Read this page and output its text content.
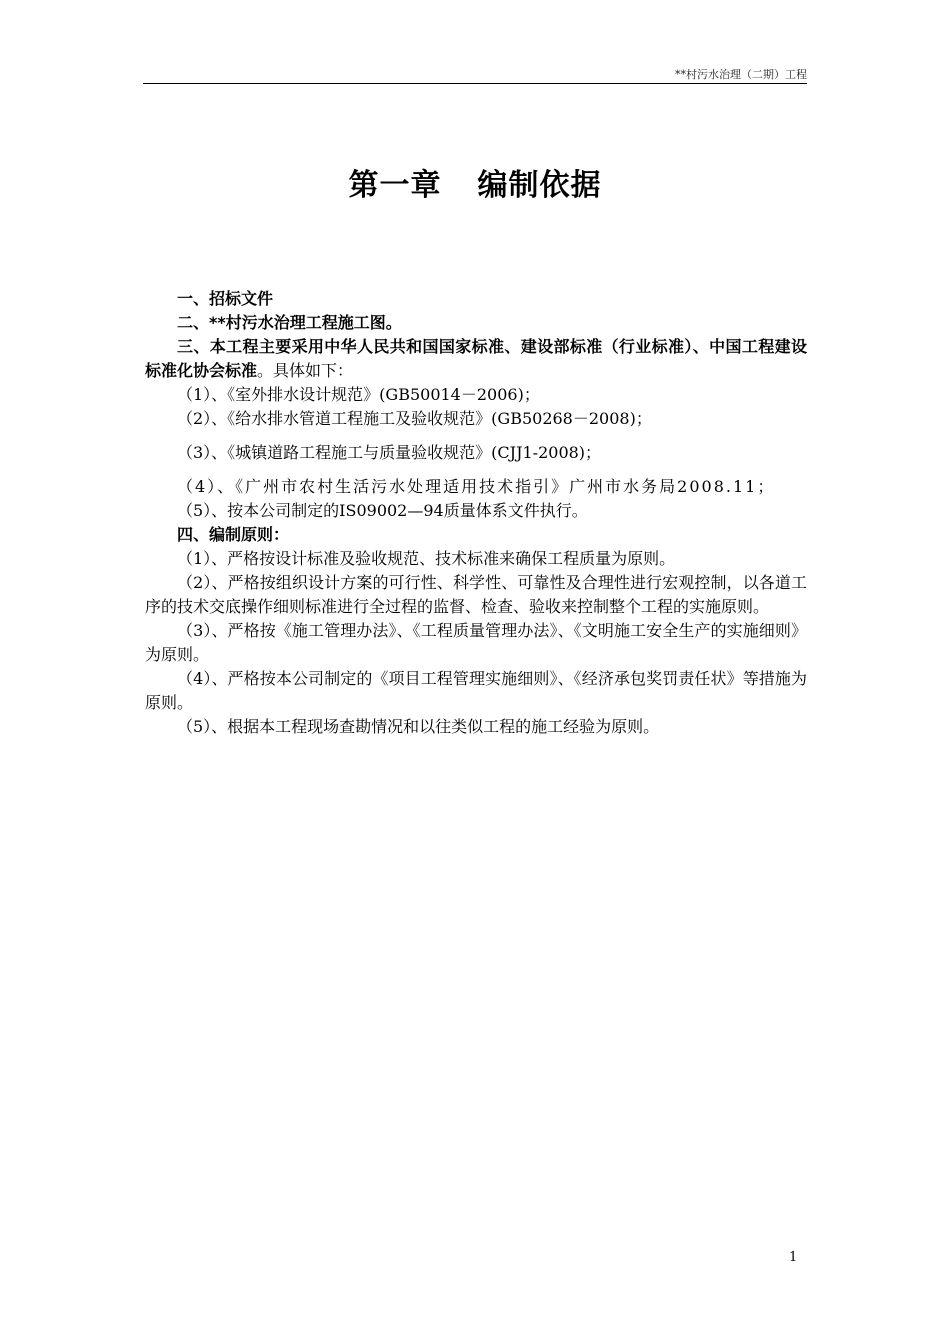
**村污水治理（二期）工程
第一章 编制依据

一、招标文件

二、**村污水治理工程施工图。

三、本工程主要采用中华人民共和国国家标准、建设部标准（行业标准）、中国工程建设标准化协会标准。具体如下：

（1）、《室外排水设计规范》(GB50014－2006)；

（2）、《给水排水管道工程施工及验收规范》(GB50268－2008)；

（3）、《城镇道路工程施工与质量验收规范》(CJJ1-2008)；

（4）、《广州市农村生活污水处理适用技术指引》广州市水务局2008.11；

（5）、按本公司制定的IS09002—94质量体系文件执行。

四、编制原则：

（1）、严格按设计标准及验收规范、技术标准来确保工程质量为原则。

（2）、严格按组织设计方案的可行性、科学性、可靠性及合理性进行宏观控制，以各道工序的技术交底操作细则标准进行全过程的监督、检查、验收来控制整个工程的实施原则。

（3）、严格按《施工管理办法》、《工程质量管理办法》、《文明施工安全生产的实施细则》为原则。

（4）、严格按本公司制定的《项目工程管理实施细则》、《经济承包奖罚责任状》等措施为原则。

（5）、根据本工程现场查勘情况和以往类似工程的施工经验为原则。

1
